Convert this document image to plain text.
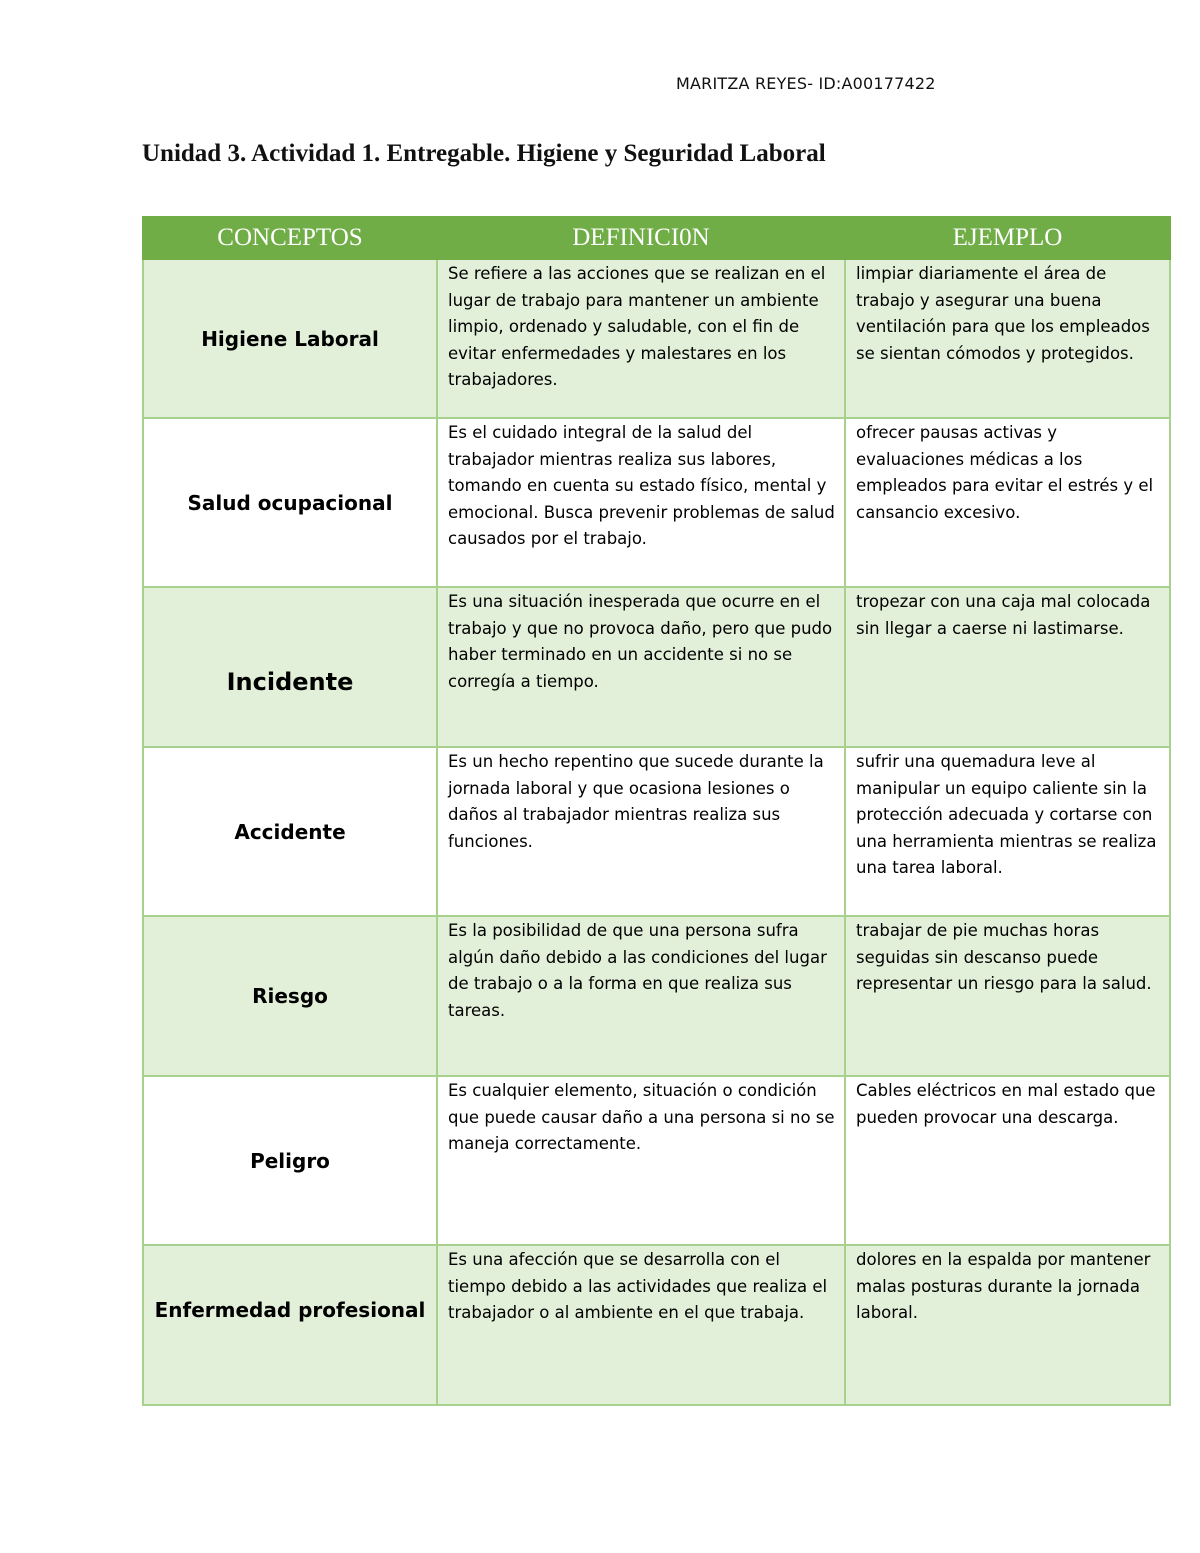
MARITZA REYES- ID:A00177422
Unidad 3. Actividad 1. Entregable. Higiene y Seguridad Laboral
CONCEPTOS	DEFINICI0N	EJEMPLO
Higiene Laboral	Se refiere a las acciones que se realizan en el lugar de trabajo para mantener un ambiente limpio, ordenado y saludable, con el fin de evitar enfermedades y malestares en los trabajadores.	limpiar diariamente el área de trabajo y asegurar una buena ventilación para que los empleados se sientan cómodos y protegidos.
Salud ocupacional	Es el cuidado integral de la salud del trabajador mientras realiza sus labores, tomando en cuenta su estado físico, mental y emocional. Busca prevenir problemas de salud causados por el trabajo.	ofrecer pausas activas y evaluaciones médicas a los empleados para evitar el estrés y el cansancio excesivo.
Incidente	Es una situación inesperada que ocurre en el trabajo y que no provoca daño, pero que pudo haber terminado en un accidente si no se corregía a tiempo.	tropezar con una caja mal colocada sin llegar a caerse ni lastimarse.
Accidente	Es un hecho repentino que sucede durante la jornada laboral y que ocasiona lesiones o daños al trabajador mientras realiza sus funciones.	sufrir una quemadura leve al manipular un equipo caliente sin la protección adecuada y cortarse con una herramienta mientras se realiza una tarea laboral.
Riesgo	Es la posibilidad de que una persona sufra algún daño debido a las condiciones del lugar de trabajo o a la forma en que realiza sus tareas.	trabajar de pie muchas horas seguidas sin descanso puede representar un riesgo para la salud.
Peligro	Es cualquier elemento, situación o condición que puede causar daño a una persona si no se maneja correctamente.	Cables eléctricos en mal estado que pueden provocar una descarga.
Enfermedad profesional	Es una afección que se desarrolla con el tiempo debido a las actividades que realiza el trabajador o al ambiente en el que trabaja.	dolores en la espalda por mantener malas posturas durante la jornada laboral.
